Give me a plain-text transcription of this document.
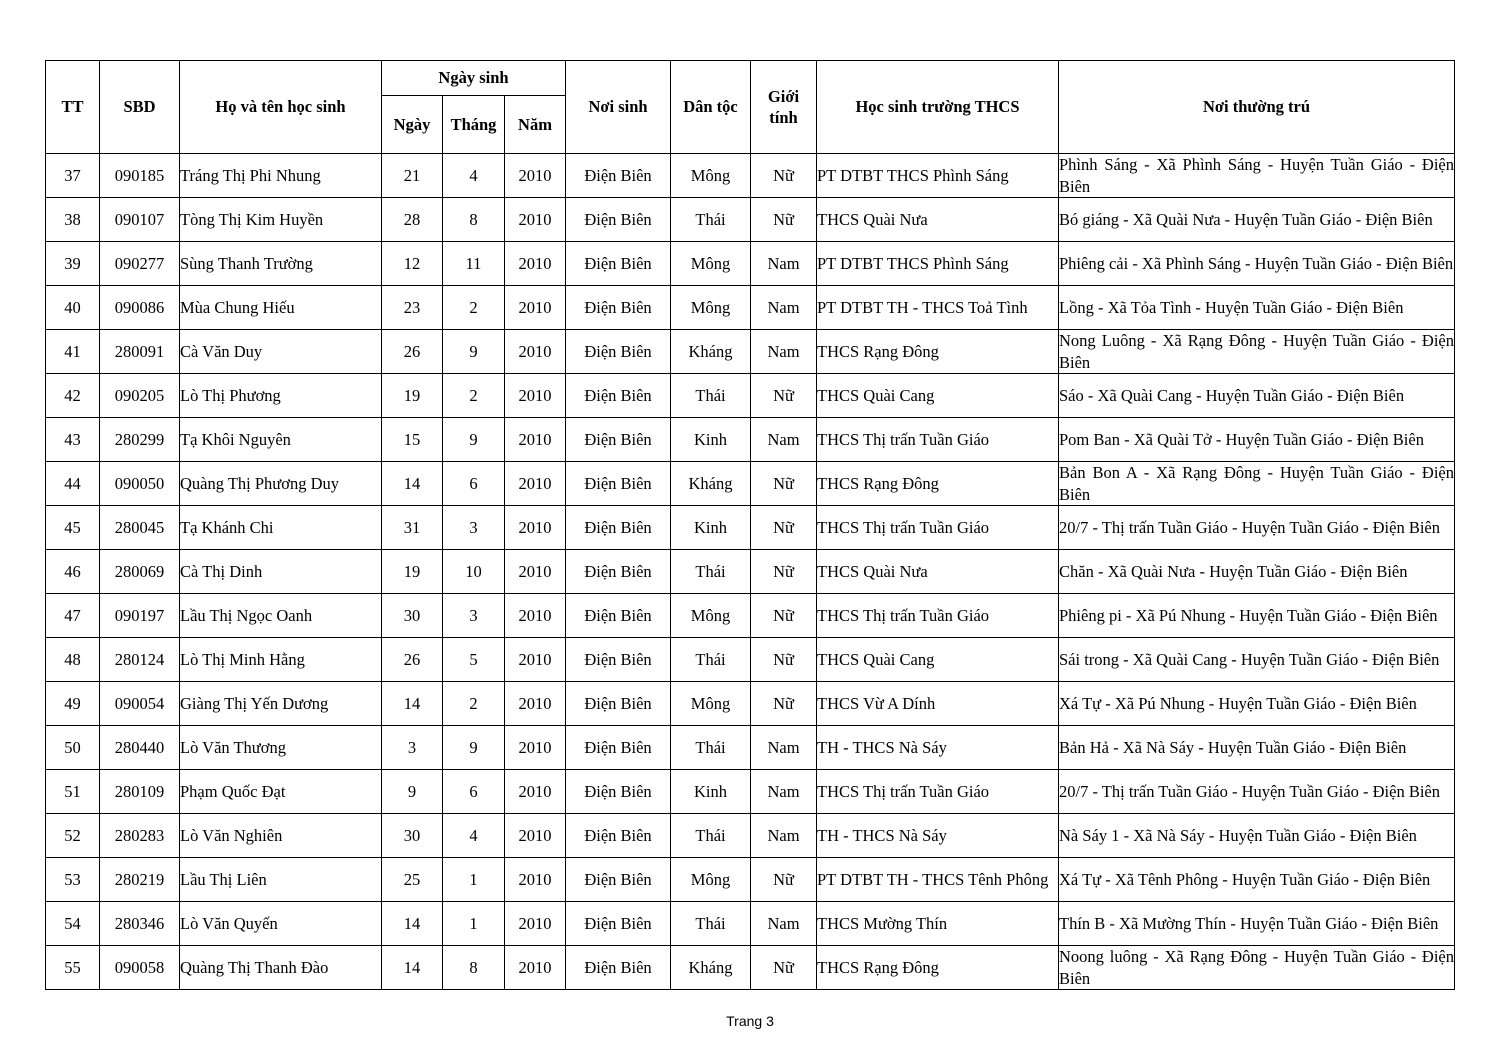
TT	SBD	Họ và tên học sinh	Ngày sinh			Nơi sinh	Dân tộc	Giới tính	Học sinh trường THCS	Nơi thường trú
			Ngày	Tháng	Năm					
37	090185	Tráng Thị Phi Nhung	21	4	2010	Điện Biên	Mông	Nữ	PT DTBT THCS Phình Sáng	Phình Sáng - Xã Phình Sáng - Huyện Tuần Giáo - Điện Biên
38	090107	Tòng Thị Kim Huyền	28	8	2010	Điện Biên	Thái	Nữ	THCS Quài Nưa	Bó giáng - Xã Quài Nưa - Huyện Tuần Giáo - Điện Biên
39	090277	Sùng Thanh Trường	12	11	2010	Điện Biên	Mông	Nam	PT DTBT THCS Phình Sáng	Phiêng cải - Xã Phình Sáng - Huyện Tuần Giáo - Điện Biên
40	090086	Mùa Chung Hiếu	23	2	2010	Điện Biên	Mông	Nam	PT DTBT TH - THCS Toả Tình	Lồng - Xã Tỏa Tình - Huyện Tuần Giáo - Điện Biên
41	280091	Cà Văn Duy	26	9	2010	Điện Biên	Kháng	Nam	THCS Rạng Đông	Nong Luông - Xã Rạng Đông - Huyện Tuần Giáo - Điện Biên
42	090205	Lò Thị Phương	19	2	2010	Điện Biên	Thái	Nữ	THCS Quài Cang	Sáo - Xã Quài Cang - Huyện Tuần Giáo - Điện Biên
43	280299	Tạ Khôi Nguyên	15	9	2010	Điện Biên	Kinh	Nam	THCS Thị trấn Tuần Giáo	Pom Ban - Xã Quài Tở - Huyện Tuần Giáo - Điện Biên
44	090050	Quàng Thị Phương Duy	14	6	2010	Điện Biên	Kháng	Nữ	THCS Rạng Đông	Bản Bon A - Xã Rạng Đông - Huyện Tuần Giáo - Điện Biên
45	280045	Tạ Khánh Chi	31	3	2010	Điện Biên	Kinh	Nữ	THCS Thị trấn Tuần Giáo	20/7 - Thị trấn Tuần Giáo - Huyện Tuần Giáo - Điện Biên
46	280069	Cà Thị Dinh	19	10	2010	Điện Biên	Thái	Nữ	THCS Quài Nưa	Chăn - Xã Quài Nưa - Huyện Tuần Giáo - Điện Biên
47	090197	Lầu Thị Ngọc Oanh	30	3	2010	Điện Biên	Mông	Nữ	THCS Thị trấn Tuần Giáo	Phiêng pi - Xã Pú Nhung - Huyện Tuần Giáo - Điện Biên
48	280124	Lò Thị Minh Hằng	26	5	2010	Điện Biên	Thái	Nữ	THCS Quài Cang	Sái trong - Xã Quài Cang - Huyện Tuần Giáo - Điện Biên
49	090054	Giàng Thị Yến Dương	14	2	2010	Điện Biên	Mông	Nữ	THCS Vừ A Dính	Xá Tự - Xã Pú Nhung - Huyện Tuần Giáo - Điện Biên
50	280440	Lò Văn Thương	3	9	2010	Điện Biên	Thái	Nam	TH - THCS Nà Sáy	Bản Hả - Xã Nà Sáy - Huyện Tuần Giáo - Điện Biên
51	280109	Phạm Quốc Đạt	9	6	2010	Điện Biên	Kinh	Nam	THCS Thị trấn Tuần Giáo	20/7 - Thị trấn Tuần Giáo - Huyện Tuần Giáo - Điện Biên
52	280283	Lò Văn Nghiên	30	4	2010	Điện Biên	Thái	Nam	TH - THCS Nà Sáy	Nà Sáy 1 - Xã Nà Sáy - Huyện Tuần Giáo - Điện Biên
53	280219	Lầu Thị Liên	25	1	2010	Điện Biên	Mông	Nữ	PT DTBT TH - THCS Tênh Phông	Xá Tự - Xã Tênh Phông - Huyện Tuần Giáo - Điện Biên
54	280346	Lò Văn Quyến	14	1	2010	Điện Biên	Thái	Nam	THCS Mường Thín	Thín B - Xã Mường Thín - Huyện Tuần Giáo - Điện Biên
55	090058	Quàng Thị Thanh Đào	14	8	2010	Điện Biên	Kháng	Nữ	THCS Rạng Đông	Noong luông - Xã Rạng Đông - Huyện Tuần Giáo - Điện Biên
Trang 3
